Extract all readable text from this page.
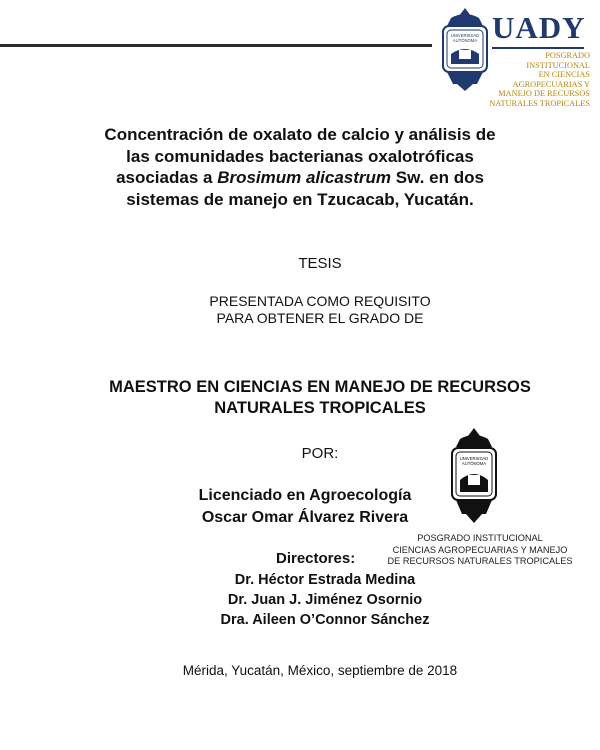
UNIVERSIDAD
AUTÓNOMA UADY
POSGRADO
INSTITUCIONAL
EN CIENCIAS
AGROPECUARIAS Y
MANEJO DE RECURSOS
NATURALES TROPICALES
Concentración de oxalato de calcio y análisis de
las comunidades bacterianas oxalotróficas
asociadas a Brosimum alicastrum Sw. en dos
sistemas de manejo en Tzucacab, Yucatán.
TESIS
PRESENTADA COMO REQUISITO
PARA OBTENER EL GRADO DE
MAESTRO EN CIENCIAS EN MANEJO DE RECURSOS
NATURALES TROPICALES
POR:
Licenciado en Agroecología
Oscar Omar Álvarez Rivera
UNIVERSIDAD
AUTÓNOMA
POSGRADO INSTITUCIONAL
CIENCIAS AGROPECUARIAS Y MANEJO
DE RECURSOS NATURALES TROPICALES
Directores:
Dr. Héctor Estrada Medina
Dr. Juan J. Jiménez Osornio
Dra. Aileen O’Connor Sánchez
Mérida, Yucatán, México, septiembre de 2018
